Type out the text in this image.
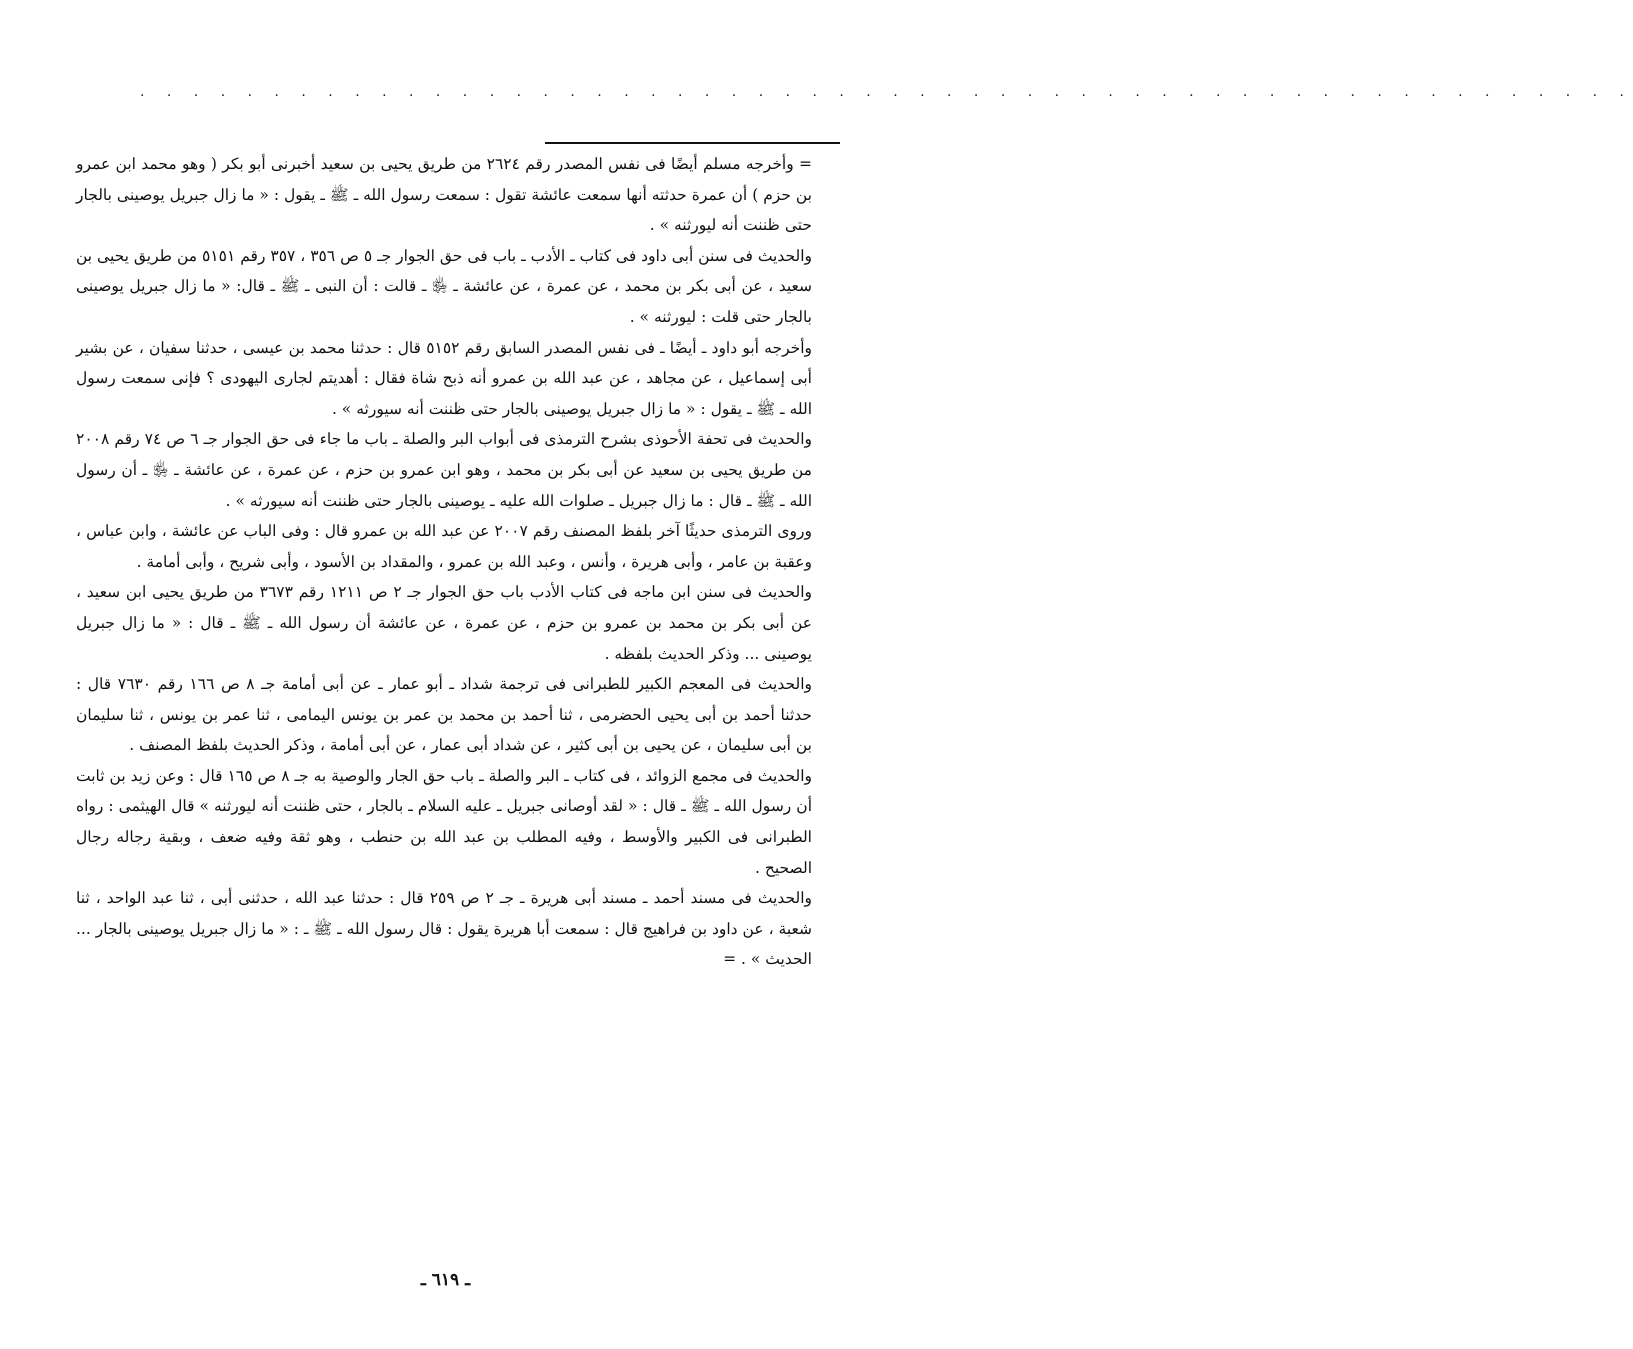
· · · · · · · · · · · · · · · · · · · · · · · · · · · · · · · · · · · · · · · · · · · · · · · · · · · · · · · ·

= وأخرجه مسلم أيضًا فى نفس المصدر رقم ٢٦٢٤ من طريق يحيى بن سعيد أخبرنى أبو بكر ( وهو محمد ابن عمرو بن حزم ) أن عمرة حدثته أنها سمعت عائشة تقول : سمعت رسول الله ـ ﷺ ـ يقول : « ما زال جبريل يوصينى بالجار حتى ظننت أنه ليورثنه » .

والحديث فى سنن أبى داود فى كتاب ـ الأدب ـ باب فى حق الجوار جـ ٥ ص ٣٥٦ ، ٣٥٧ رقم ٥١٥١ من طريق يحيى بن سعيد ، عن أبى بكر بن محمد ، عن عمرة ، عن عائشة ـ ﵂ ـ قالت : أن النبى ـ ﷺ ـ قال: « ما زال جبريل يوصينى بالجار حتى قلت : ليورثنه » .

وأخرجه أبو داود ـ أيضًا ـ فى نفس المصدر السابق رقم ٥١٥٢ قال : حدثنا محمد بن عيسى ، حدثنا سفيان ، عن بشير أبى إسماعيل ، عن مجاهد ، عن عبد الله بن عمرو أنه ذبح شاة فقال : أهديتم لجارى اليهودى ؟ فإنى سمعت رسول الله ـ ﷺ ـ يقول : « ما زال جبريل يوصينى بالجار حتى ظننت أنه سيورثه » .

والحديث فى تحفة الأحوذى بشرح الترمذى فى أبواب البر والصلة ـ باب ما جاء فى حق الجوار جـ ٦ ص ٧٤ رقم ٢٠٠٨ من طريق يحيى بن سعيد عن أبى بكر بن محمد ، وهو ابن عمرو بن حزم ، عن عمرة ، عن عائشة ـ ﵂ ـ أن رسول الله ـ ﷺ ـ قال : ما زال جبريل ـ صلوات الله عليه ـ يوصينى بالجار حتى ظننت أنه سيورثه » .

وروى الترمذى حديثًا آخر بلفظ المصنف رقم ٢٠٠٧ عن عبد الله بن عمرو قال : وفى الباب عن عائشة ، وابن عباس ، وعقبة بن عامر ، وأبى هريرة ، وأنس ، وعبد الله بن عمرو ، والمقداد بن الأسود ، وأبى شريح ، وأبى أمامة .

والحديث فى سنن ابن ماجه فى كتاب الأدب باب حق الجوار جـ ٢ ص ١٢١١ رقم ٣٦٧٣ من طريق يحيى ابن سعيد ، عن أبى بكر بن محمد بن عمرو بن حزم ، عن عمرة ، عن عائشة أن رسول الله ـ ﷺ ـ قال : « ما زال جبريل يوصينى ... وذكر الحديث بلفظه .

والحديث فى المعجم الكبير للطبرانى فى ترجمة شداد ـ أبو عمار ـ عن أبى أمامة جـ ٨ ص ١٦٦ رقم ٧٦٣٠ قال : حدثنا أحمد بن أبى يحيى الحضرمى ، ثنا أحمد بن محمد بن عمر بن يونس اليمامى ، ثنا عمر بن يونس ، ثنا سليمان بن أبى سليمان ، عن يحيى بن أبى كثير ، عن شداد أبى عمار ، عن أبى أمامة ، وذكر الحديث بلفظ المصنف .

والحديث فى مجمع الزوائد ، فى كتاب ـ البر والصلة ـ باب حق الجار والوصية به جـ ٨ ص ١٦٥ قال : وعن زيد بن ثابت أن رسول الله ـ ﷺ ـ قال : « لقد أوصانى جبريل ـ عليه السلام ـ بالجار ، حتى ظننت أنه ليورثنه » قال الهيثمى : رواه الطبرانى فى الكبير والأوسط ، وفيه المطلب بن عبد الله بن حنطب ، وهو ثقة وفيه ضعف ، وبقية رجاله رجال الصحيح .

والحديث فى مسند أحمد ـ مسند أبى هريرة ـ جـ ٢ ص ٢٥٩ قال : حدثنا عبد الله ، حدثنى أبى ، ثنا عبد الواحد ، ثنا شعبة ، عن داود بن فراهيج قال : سمعت أبا هريرة يقول : قال رسول الله ـ ﷺ ـ : « ما زال جبريل يوصينى بالجار ... الحديث » . =

ـ ٦١٩ ـ
